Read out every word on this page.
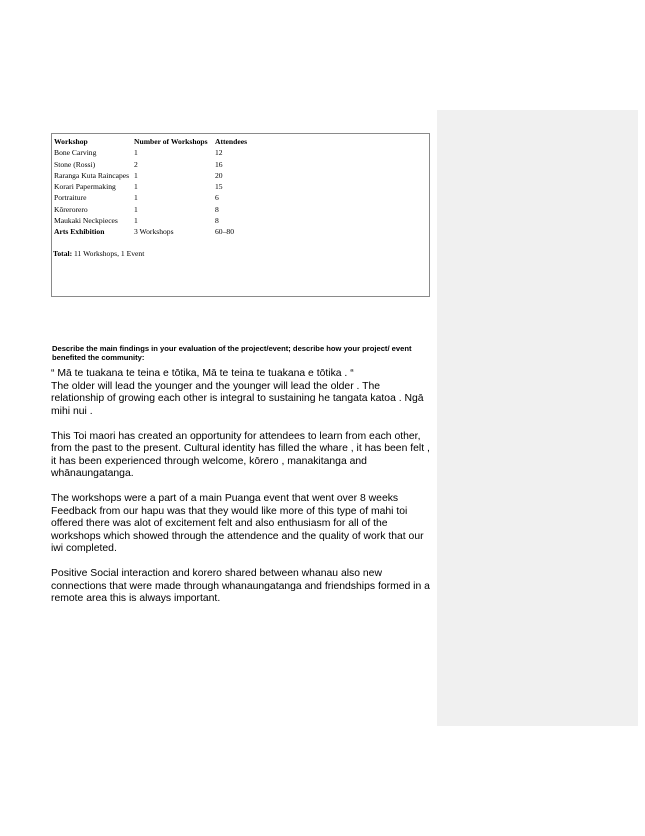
Workshop	Number of Workshops	Attendees
Bone Carving	1	12
Stone (Rossi)	2	16
Raranga Kuta Raincapes	1	20
Korari Papermaking	1	15
Portraiture	1	6
Kōrerorero	1	8
Maukaki Neckpieces	1	8
Arts Exhibition	3 Workshops	60–80
Total: 11 Workshops, 1 Event
Describe the main findings in your evaluation of the project/event; describe how your project/ event benefited the community:

“ Mā te tuakana te teina e tōtika, Mā te teina te tuakana e tōtika . “
The older will lead the younger and the younger will lead the older . The relationship of growing each other is integral to sustaining he tangata katoa . Ngā mihi nui .

This Toi maori has created an opportunity for attendees to learn from each other, from the past to the present. Cultural identity has filled the whare , it has been felt , it has been experienced through welcome, kōrero , manakitanga and whānaungatanga.

The workshops were a part of a main Puanga event that went over 8 weeks
Feedback from our hapu was that they would like more of this type of mahi toi offered there was alot of excitement felt and also enthusiasm for all of the workshops which showed through the attendence and the quality of work that our iwi completed.

Positive Social interaction and korero shared between whanau also new connections that were made through whanaungatanga and friendships formed in a remote area this is always important.
